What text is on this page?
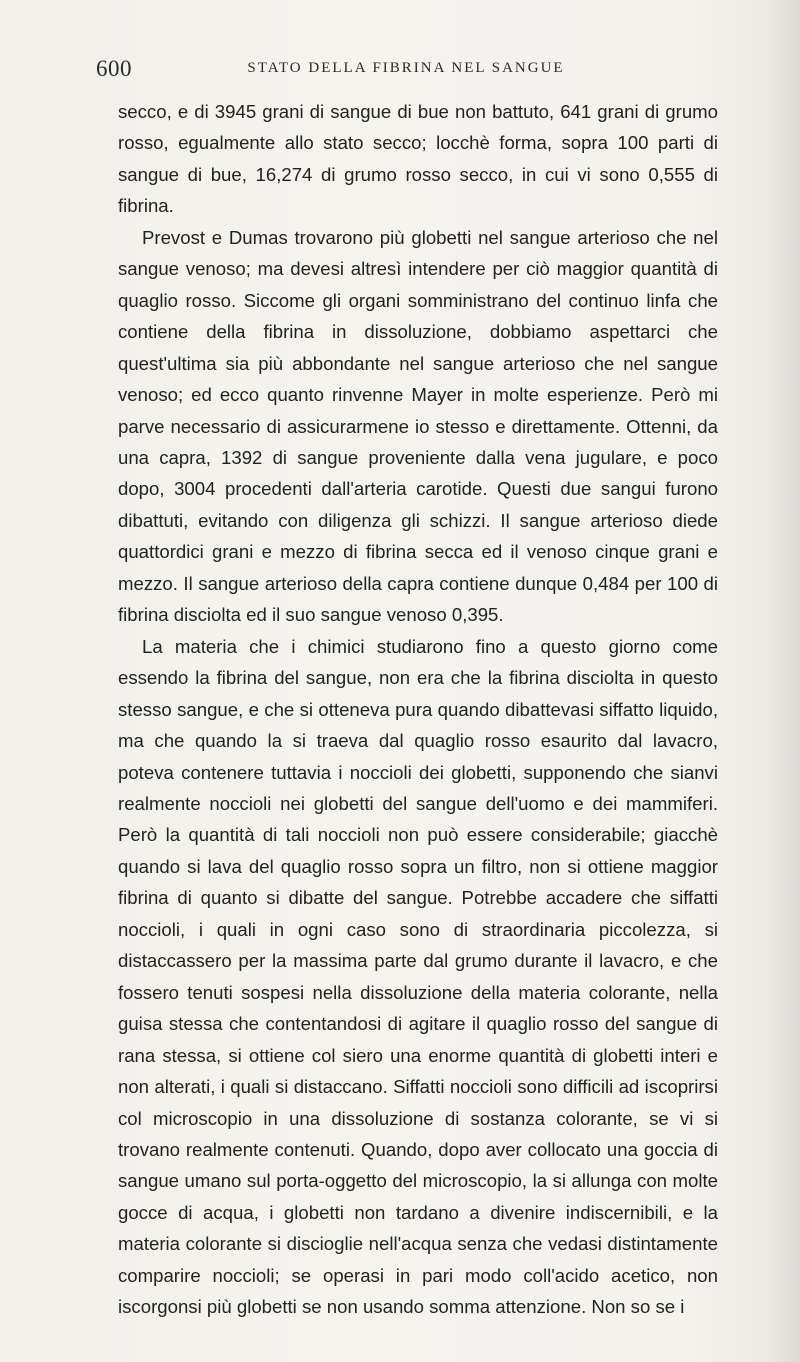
600	STATO DELLA FIBRINA NEL SANGUE

secco, e di 3945 grani di sangue di bue non battuto, 641 grani di grumo rosso, egualmente allo stato secco; locchè forma, sopra 100 parti di sangue di bue, 16,274 di grumo rosso secco, in cui vi sono 0,555 di fibrina.

Prevost e Dumas trovarono più globetti nel sangue arterioso che nel sangue venoso; ma devesi altresì intendere per ciò maggior quantità di quaglio rosso. Siccome gli organi somministrano del continuo linfa che contiene della fibrina in dissoluzione, dobbiamo aspettarci che quest'ultima sia più abbondante nel sangue arterioso che nel sangue venoso; ed ecco quanto rinvenne Mayer in molte esperienze. Però mi parve necessario di assicurarmene io stesso e direttamente. Ottenni, da una capra, 1392 di sangue proveniente dalla vena jugulare, e poco dopo, 3004 procedenti dall'arteria carotide. Questi due sangui furono dibattuti, evitando con diligenza gli schizzi. Il sangue arterioso diede quattordici grani e mezzo di fibrina secca ed il venoso cinque grani e mezzo. Il sangue arterioso della capra contiene dunque 0,484 per 100 di fibrina disciolta ed il suo sangue venoso 0,395.

La materia che i chimici studiarono fino a questo giorno come essendo la fibrina del sangue, non era che la fibrina disciolta in questo stesso sangue, e che si otteneva pura quando dibattevasi siffatto liquido, ma che quando la si traeva dal quaglio rosso esaurito dal lavacro, poteva contenere tuttavia i noccioli dei globetti, supponendo che sianvi realmente noccioli nei globetti del sangue dell'uomo e dei mammiferi. Però la quantità di tali noccioli non può essere considerabile; giacchè quando si lava del quaglio rosso sopra un filtro, non si ottiene maggior fibrina di quanto si dibatte del sangue. Potrebbe accadere che siffatti noccioli, i quali in ogni caso sono di straordinaria piccolezza, si distaccassero per la massima parte dal grumo durante il lavacro, e che fossero tenuti sospesi nella dissoluzione della materia colorante, nella guisa stessa che contentandosi di agitare il quaglio rosso del sangue di rana stessa, si ottiene col siero una enorme quantità di globetti interi e non alterati, i quali si distaccano. Siffatti noccioli sono difficili ad iscoprirsi col microscopio in una dissoluzione di sostanza colorante, se vi si trovano realmente contenuti. Quando, dopo aver collocato una goccia di sangue umano sul porta-oggetto del microscopio, la si allunga con molte gocce di acqua, i globetti non tardano a divenire indiscernibili, e la materia colorante si discioglie nell'acqua senza che vedasi distintamente comparire noccioli; se operasi in pari modo coll'acido acetico, non iscorgonsi più globetti se non usando somma attenzione. Non so se i
